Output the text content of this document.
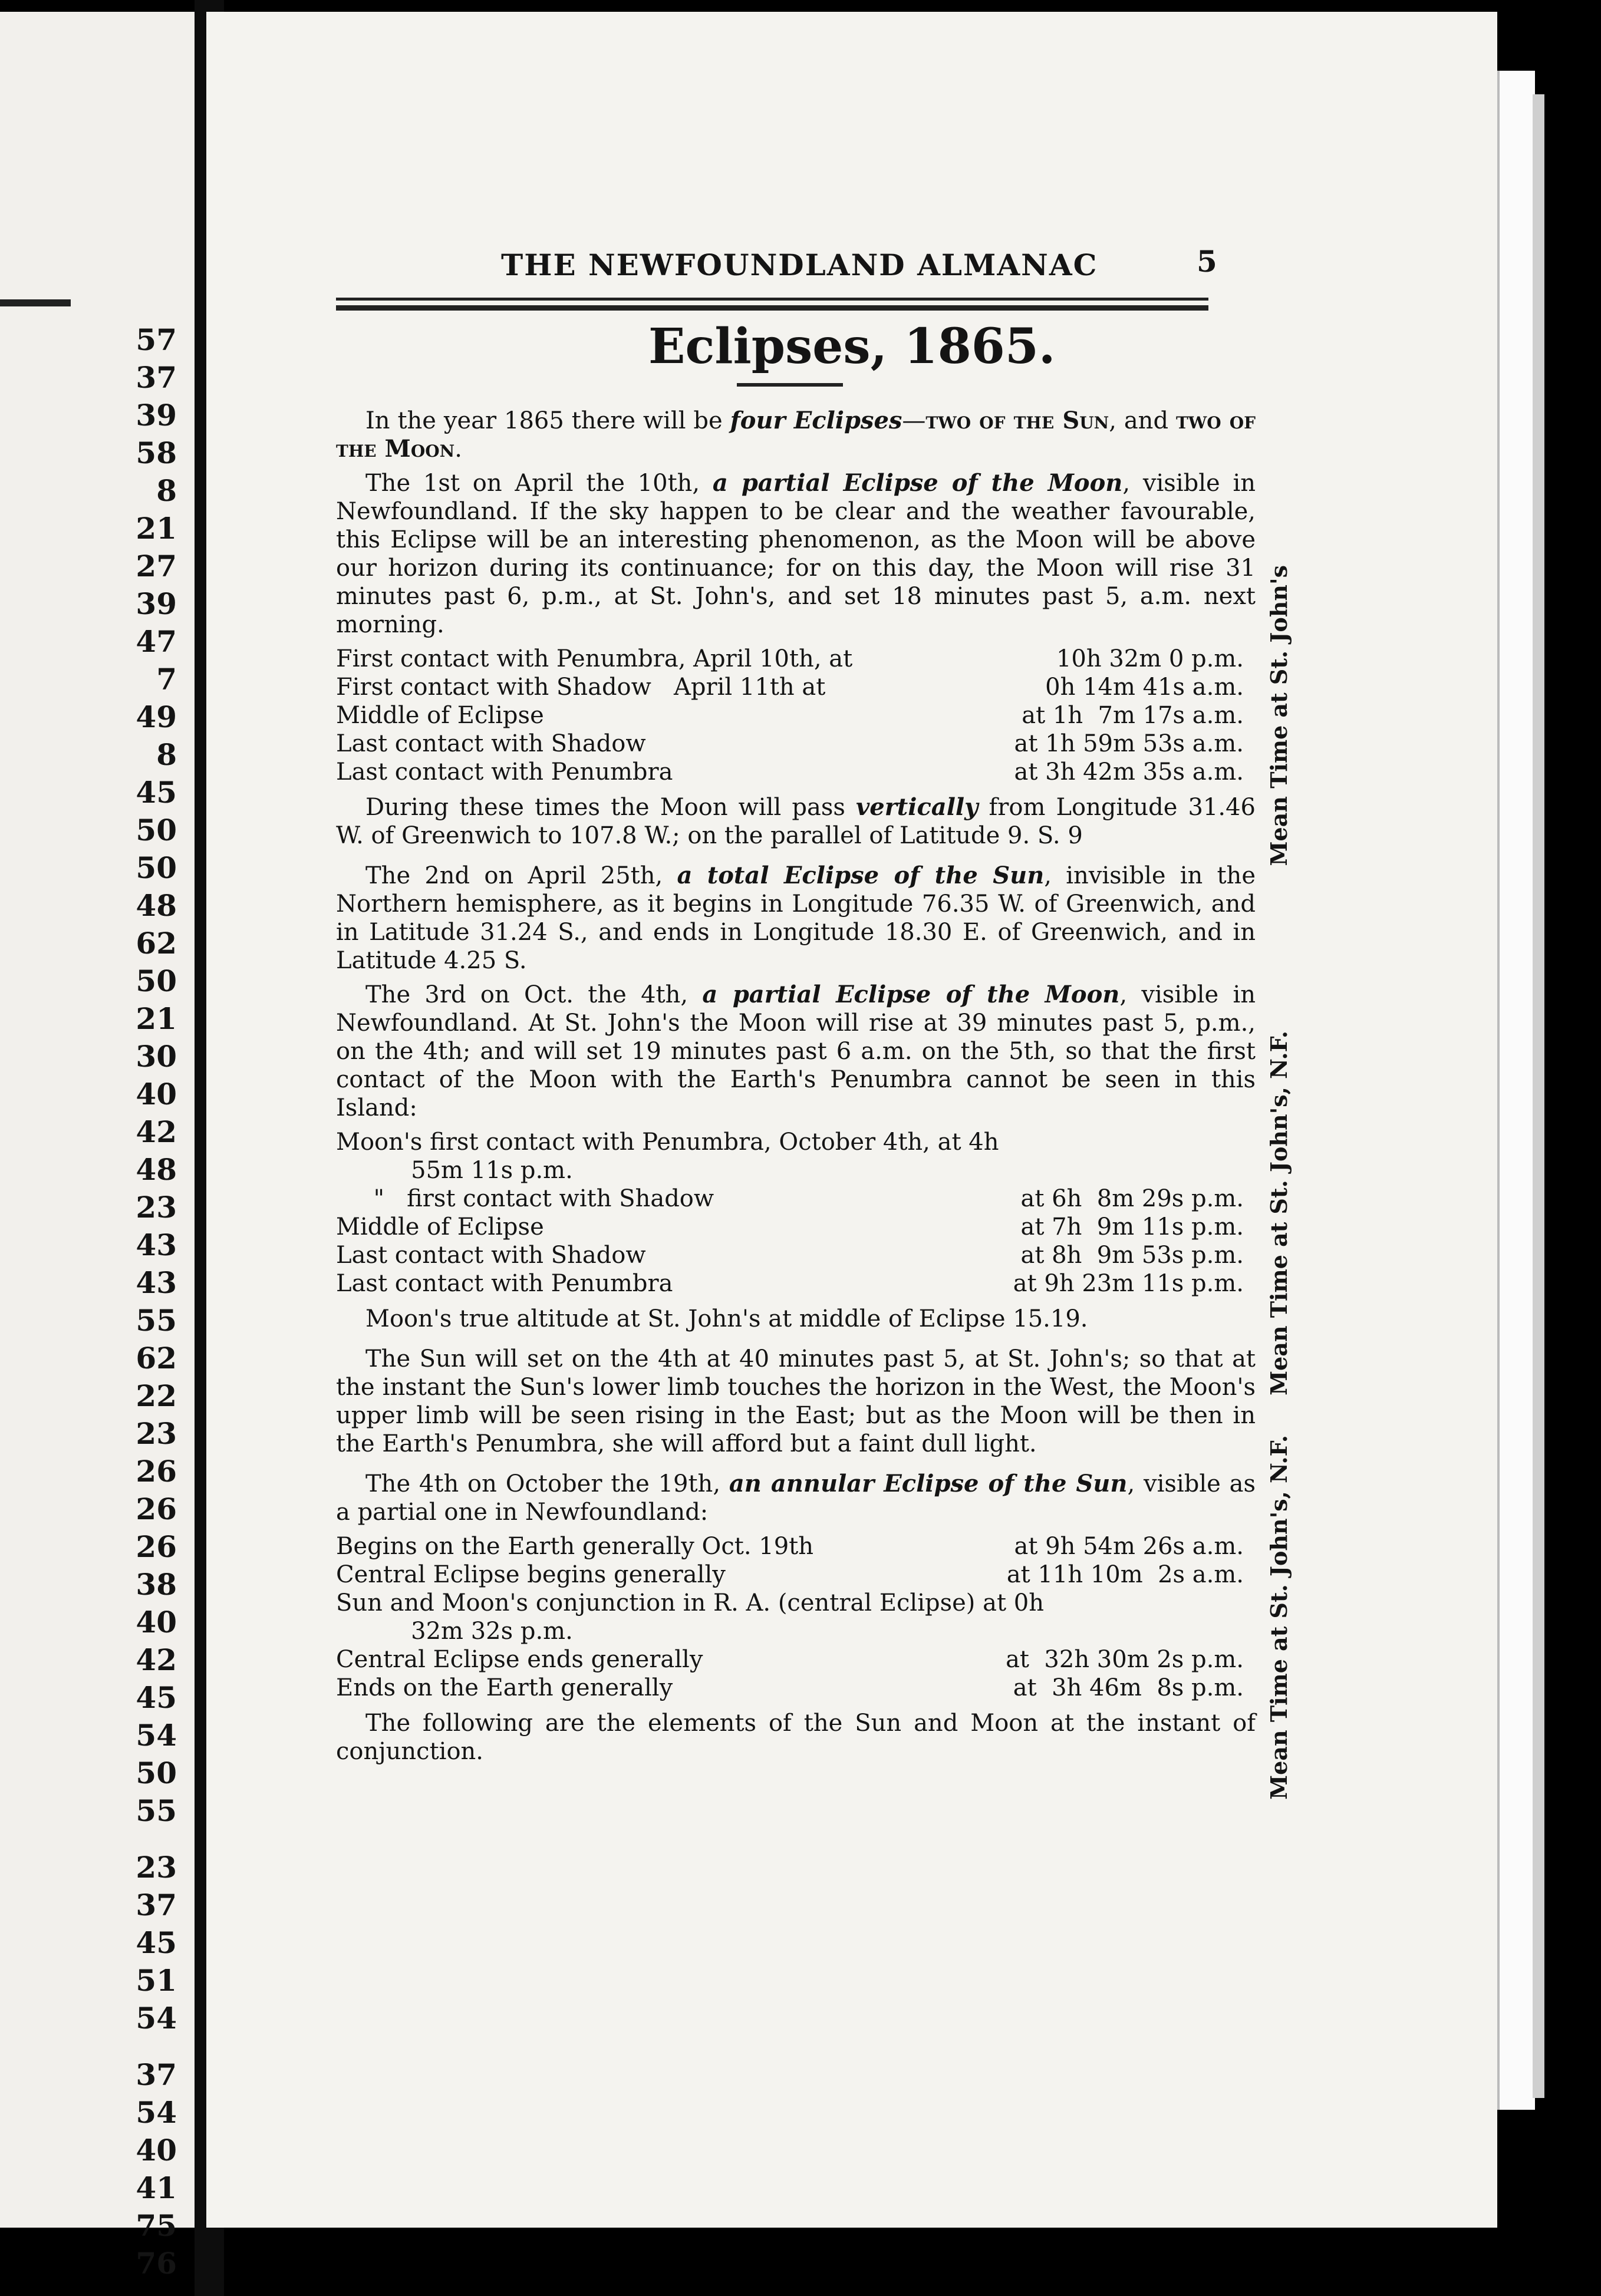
57
37
39
58
8
21
27
39
47
7
49
8
45
50
50
48
62
50
21
30
40
42
48
23
43
43
55
62
22
23
26
26
26
38
40
42
45
54
50
55
23
37
45
51
54
37
54
40
41
75
76
THE NEWFOUNDLAND ALMANAC	5
Eclipses, 1865.

In the year 1865 there will be four Eclipses—two of the Sun, and two of the Moon.

The 1st on April the 10th, a partial Eclipse of the Moon, visible in Newfoundland. If the sky happen to be clear and the weather favourable, this Eclipse will be an interesting phenomenon, as the Moon will be above our horizon during its continuance; for on this day, the Moon will rise 31 minutes past 6, p.m., at St. John's, and set 18 minutes past 5, a.m. next morning.

First contact with Penumbra, April 10th, at	10h 32m 0 p.m.
First contact with Shadow   April 11th at	0h 14m 41s a.m.
Middle of Eclipse	at 1h  7m 17s a.m.
Last contact with Shadow	at 1h 59m 53s a.m.
Last contact with Penumbra	at 3h 42m 35s a.m. Mean Time at St. John's

During these times the Moon will pass vertically from Longitude 31.46 W. of Greenwich to 107.8 W.; on the parallel of Latitude 9. S. 9

The 2nd on April 25th, a total Eclipse of the Sun, invisible in the Northern hemisphere, as it begins in Longitude 76.35 W. of Greenwich, and in Latitude 31.24 S., and ends in Longitude 18.30 E. of Greenwich, and in Latitude 4.25 S.

The 3rd on Oct. the 4th, a partial Eclipse of the Moon, visible in Newfoundland. At St. John's the Moon will rise at 39 minutes past 5, p.m., on the 4th; and will set 19 minutes past 6 a.m. on the 5th, so that the first contact of the Moon with the Earth's Penumbra cannot be seen in this Island:

Moon's first contact with Penumbra, October 4th, at 4h
55m 11s p.m.
"   first contact with Shadow	at 6h  8m 29s p.m.
Middle of Eclipse	at 7h  9m 11s p.m.
Last contact with Shadow	at 8h  9m 53s p.m.
Last contact with Penumbra	at 9h 23m 11s p.m. Mean Time at St. John's, N.F.

Moon's true altitude at St. John's at middle of Eclipse 15.19.

The Sun will set on the 4th at 40 minutes past 5, at St. John's; so that at the instant the Sun's lower limb touches the horizon in the West, the Moon's upper limb will be seen rising in the East; but as the Moon will be then in the Earth's Penumbra, she will afford but a faint dull light.

The 4th on October the 19th, an annular Eclipse of the Sun, visible as a partial one in Newfoundland:

Begins on the Earth generally Oct. 19th	at 9h 54m 26s a.m.
Central Eclipse begins generally	at 11h 10m  2s a.m.
Sun and Moon's conjunction in R. A. (central Eclipse) at 0h
32m 32s p.m.
Central Eclipse ends generally	at  32h 30m 2s p.m.
Ends on the Earth generally	at  3h 46m  8s p.m. Mean Time at St. John's, N.F.

The following are the elements of the Sun and Moon at the instant of conjunction.
